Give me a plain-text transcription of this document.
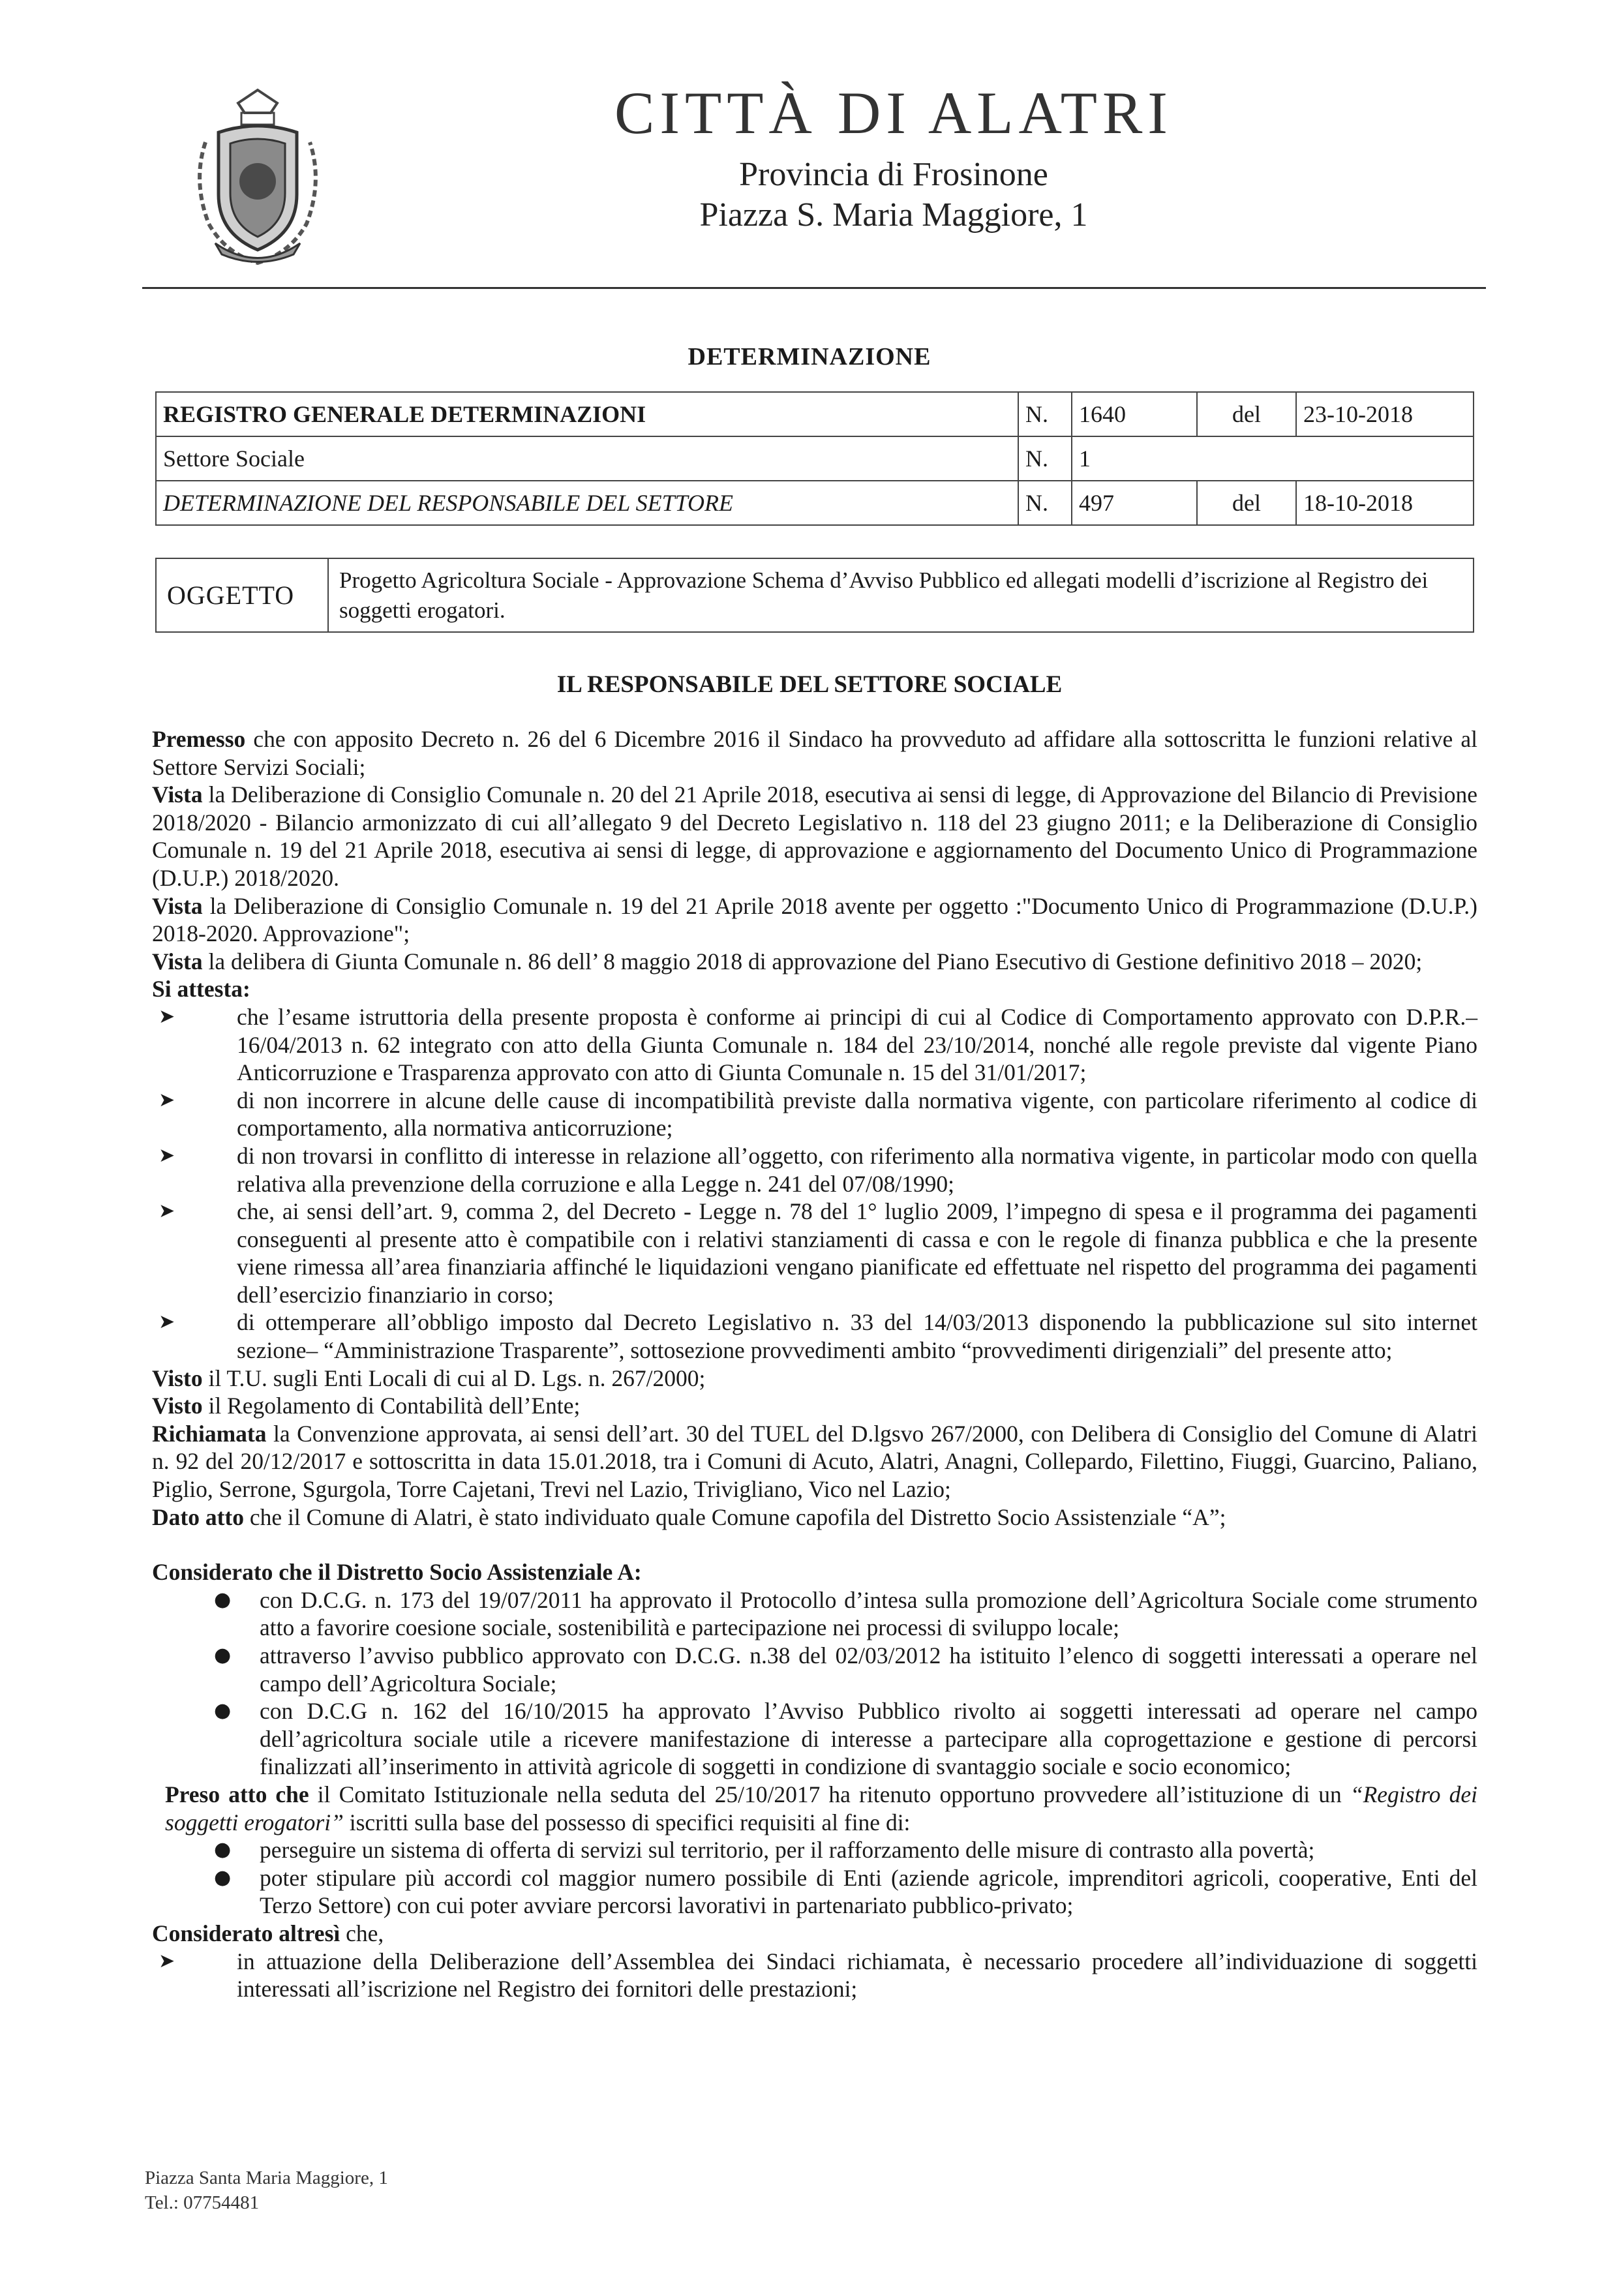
CITTÀ DI ALATRI
Provincia di Frosinone
Piazza S. Maria Maggiore, 1
DETERMINAZIONE
REGISTRO GENERALE DETERMINAZIONI	N.	1640	del	23-10-2018
Settore Sociale	N.	1		
DETERMINAZIONE DEL RESPONSABILE DEL SETTORE	N.	497	del	18-10-2018
OGGETTO	Progetto Agricoltura Sociale - Approvazione Schema d’Avviso Pubblico ed allegati modelli d’iscrizione al Registro dei soggetti erogatori.
IL RESPONSABILE DEL SETTORE SOCIALE

Premesso che con apposito Decreto n. 26 del 6 Dicembre 2016 il Sindaco ha provveduto ad affidare alla sottoscritta le funzioni relative al Settore Servizi Sociali;

Vista la Deliberazione di Consiglio Comunale n. 20 del 21 Aprile 2018, esecutiva ai sensi di legge, di Approvazione del Bilancio di Previsione 2018/2020 - Bilancio armonizzato di cui all’allegato 9 del Decreto Legislativo n. 118 del 23 giugno 2011; e la Deliberazione di Consiglio Comunale n. 19 del 21 Aprile 2018, esecutiva ai sensi di legge, di approvazione e aggiornamento del Documento Unico di Programmazione (D.U.P.) 2018/2020.

Vista la Deliberazione di Consiglio Comunale n. 19 del 21 Aprile 2018 avente per oggetto :"Documento Unico di Programmazione (D.U.P.) 2018-2020. Approvazione";

Vista la delibera di Giunta Comunale n. 86 dell’ 8 maggio 2018 di approvazione del Piano Esecutivo di Gestione definitivo 2018 – 2020;

Si attesta:

➤	che l’esame istruttoria della presente proposta è conforme ai principi di cui al Codice di Comportamento approvato con D.P.R.– 16/04/2013 n. 62 integrato con atto della Giunta Comunale n. 184 del 23/10/2014, nonché alle regole previste dal vigente Piano Anticorruzione e Trasparenza approvato con atto di Giunta Comunale n. 15 del 31/01/2017;
➤	di non incorrere in alcune delle cause di incompatibilità previste dalla normativa vigente, con particolare riferimento al codice di comportamento, alla normativa anticorruzione;
➤	di non trovarsi in conflitto di interesse in relazione all’oggetto, con riferimento alla normativa vigente, in particolar modo con quella relativa alla prevenzione della corruzione e alla Legge n. 241 del 07/08/1990;
➤	che, ai sensi dell’art. 9, comma 2, del Decreto - Legge n. 78 del 1° luglio 2009, l’impegno di spesa e il programma dei pagamenti conseguenti al presente atto è compatibile con i relativi stanziamenti di cassa e con le regole di finanza pubblica e che la presente viene rimessa all’area finanziaria affinché le liquidazioni vengano pianificate ed effettuate nel rispetto del programma dei pagamenti dell’esercizio finanziario in corso;
➤	di ottemperare all’obbligo imposto dal Decreto Legislativo n. 33 del 14/03/2013 disponendo la pubblicazione sul sito internet sezione– “Amministrazione Trasparente”, sottosezione provvedimenti ambito “provvedimenti dirigenziali” del presente atto;

Visto il T.U. sugli Enti Locali di cui al D. Lgs. n. 267/2000;

Visto il Regolamento di Contabilità dell’Ente;

Richiamata la Convenzione approvata, ai sensi dell’art. 30 del TUEL del D.lgsvo 267/2000, con Delibera di Consiglio del Comune di Alatri n. 92 del 20/12/2017 e sottoscritta in data 15.01.2018, tra i Comuni di Acuto, Alatri, Anagni, Collepardo, Filettino, Fiuggi, Guarcino, Paliano, Piglio, Serrone, Sgurgola, Torre Cajetani, Trevi nel Lazio, Trivigliano, Vico nel Lazio;

Dato atto che il Comune di Alatri, è stato individuato quale Comune capofila del Distretto Socio Assistenziale “A”;

Considerato che il Distretto Socio Assistenziale A:

● con D.C.G. n. 173 del 19/07/2011 ha approvato il Protocollo d’intesa sulla promozione dell’Agricoltura Sociale come strumento atto a favorire coesione sociale, sostenibilità e partecipazione nei processi di sviluppo locale;
● attraverso l’avviso pubblico approvato con D.C.G. n.38 del 02/03/2012 ha istituito l’elenco di soggetti interessati a operare nel campo dell’Agricoltura Sociale;
● con D.C.G n. 162 del 16/10/2015 ha approvato l’Avviso Pubblico rivolto ai soggetti interessati ad operare nel campo dell’agricoltura sociale utile a ricevere manifestazione di interesse a partecipare alla coprogettazione e gestione di percorsi finalizzati all’inserimento in attività agricole di soggetti in condizione di svantaggio sociale e socio economico;

Preso atto che il Comitato Istituzionale nella seduta del 25/10/2017 ha ritenuto opportuno provvedere all’istituzione di un “Registro dei soggetti erogatori” iscritti sulla base del possesso di specifici requisiti al fine di:

● perseguire un sistema di offerta di servizi sul territorio, per il rafforzamento delle misure di contrasto alla povertà;
● poter stipulare più accordi col maggior numero possibile di Enti (aziende agricole, imprenditori agricoli, cooperative, Enti del Terzo Settore) con cui poter avviare percorsi lavorativi in partenariato pubblico-privato;

Considerato altresì che,

➤	in attuazione della Deliberazione dell’Assemblea dei Sindaci richiamata, è necessario procedere all’individuazione di soggetti interessati all’iscrizione nel Registro dei fornitori delle prestazioni;
Piazza Santa Maria Maggiore, 1
Tel.: 07754481
